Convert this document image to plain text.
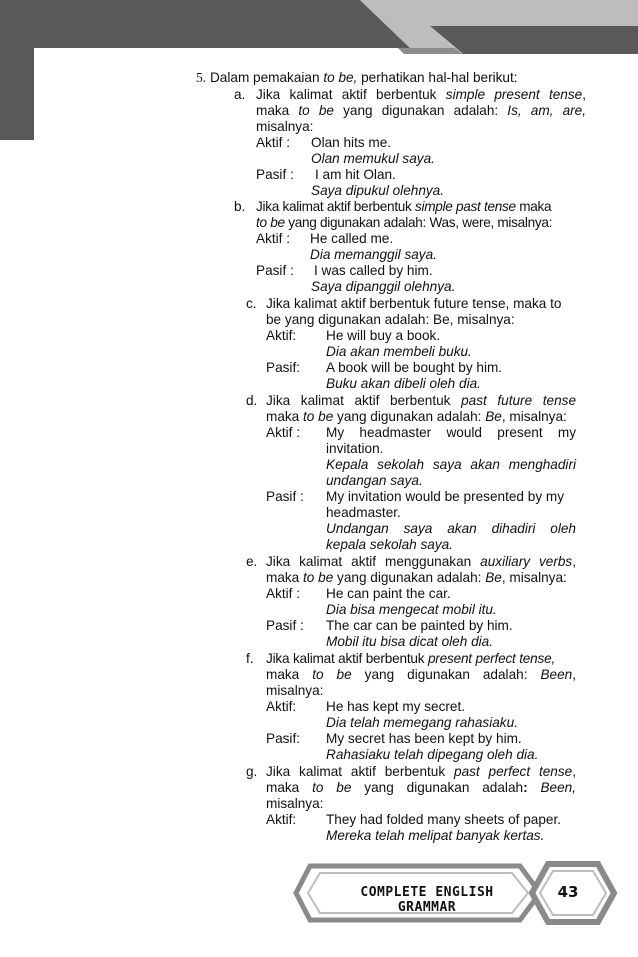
5. Dalam pemakaian to be, perhatikan hal-hal berikut:
a. Jika kalimat aktif berbentuk simple present tense,
maka to be yang digunakan adalah: Is, am, are,
misalnya:
Aktif : Olan hits me.
Olan memukul saya.
Pasif : I am hit Olan.
Saya dipukul olehnya.
b. Jika kalimat aktif berbentuk simple past tense maka
to be yang digunakan adalah: Was, were, misalnya:
Aktif : He called me.
Dia memanggil saya.
Pasif : I was called by him.
Saya dipanggil olehnya.
c. Jika kalimat aktif berbentuk future tense, maka to
be yang digunakan adalah: Be, misalnya:
Aktif: He will buy a book.
Dia akan membeli buku.
Pasif: A book will be bought by him.
Buku akan dibeli oleh dia.
d. Jika kalimat aktif berbentuk past future tense
maka to be yang digunakan adalah: Be, misalnya:
Aktif : My headmaster would present my
invitation.
Kepala sekolah saya akan menghadiri
undangan saya.
Pasif : My invitation would be presented by my
headmaster.
Undangan saya akan dihadiri oleh
kepala sekolah saya.
e. Jika kalimat aktif menggunakan auxiliary verbs,
maka to be yang digunakan adalah: Be, misalnya:
Aktif : He can paint the car.
Dia bisa mengecat mobil itu.
Pasif : The car can be painted by him.
Mobil itu bisa dicat oleh dia.
f. Jika kalimat aktif berbentuk present perfect tense,
maka to be yang digunakan adalah: Been,
misalnya:
Aktif: He has kept my secret.
Dia telah memegang rahasiaku.
Pasif: My secret has been kept by him.
Rahasiaku telah dipegang oleh dia.
g. Jika kalimat aktif berbentuk past perfect tense,
maka to be yang digunakan adalah: Been,
misalnya:
Aktif: They had folded many sheets of paper.
Mereka telah melipat banyak kertas.
COMPLETE ENGLISH GRAMMAR
43
